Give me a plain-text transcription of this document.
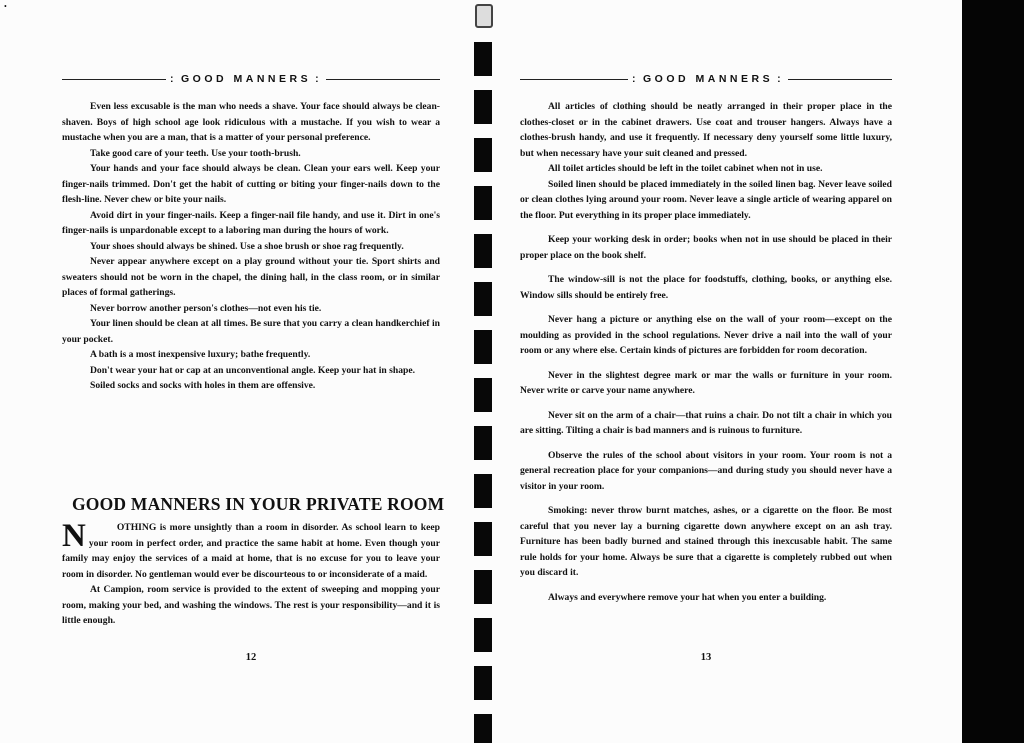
•
: GOOD MANNERS :

Even less excusable is the man who needs a shave. Your face should always be clean-shaven. Boys of high school age look ridiculous with a mustache. If you wish to wear a mustache when you are a man, that is a matter of your personal preference.

Take good care of your teeth. Use your tooth-brush.

Your hands and your face should always be clean. Clean your ears well. Keep your finger-nails trimmed. Don't get the habit of cutting or biting your finger-nails down to the flesh-line. Never chew or bite your nails.

Avoid dirt in your finger-nails. Keep a finger-nail file handy, and use it. Dirt in one's finger-nails is unpardonable except to a laboring man during the hours of work.

Your shoes should always be shined. Use a shoe brush or shoe rag frequently.

Never appear anywhere except on a play ground without your tie. Sport shirts and sweaters should not be worn in the chapel, the dining hall, in the class room, or in similar places of formal gatherings.

Never borrow another person's clothes—not even his tie.

Your linen should be clean at all times. Be sure that you carry a clean handkerchief in your pocket.

A bath is a most inexpensive luxury; bathe frequently.

Don't wear your hat or cap at an unconventional angle. Keep your hat in shape.

Soiled socks and socks with holes in them are offensive.

GOOD MANNERS IN YOUR PRIVATE ROOM

N	OTHING is more unsightly than a room in disorder. As school learn to keep your room in perfect order, and practice the same habit at home. Even though your family may enjoy the services of a maid at home, that is no excuse for you to leave your room in disorder. No gentleman would ever be discourteous to or inconsiderate of a maid.

At Campion, room service is provided to the extent of sweeping and mopping your room, making your bed, and washing the windows. The rest is your responsibility—and it is little enough.

12
: GOOD MANNERS :

All articles of clothing should be neatly arranged in their proper place in the clothes-closet or in the cabinet drawers. Use coat and trouser hangers. Always have a clothes-brush handy, and use it frequently. If necessary deny yourself some little luxury, but when necessary have your suit cleaned and pressed.

All toilet articles should be left in the toilet cabinet when not in use.

Soiled linen should be placed immediately in the soiled linen bag. Never leave soiled or clean clothes lying around your room. Never leave a single article of wearing apparel on the floor. Put everything in its proper place immediately.

Keep your working desk in order; books when not in use should be placed in their proper place on the book shelf.

The window-sill is not the place for foodstuffs, clothing, books, or anything else. Window sills should be entirely free.

Never hang a picture or anything else on the wall of your room—except on the moulding as provided in the school regulations. Never drive a nail into the wall of your room or any where else. Certain kinds of pictures are forbidden for room decoration.

Never in the slightest degree mark or mar the walls or furniture in your room. Never write or carve your name anywhere.

Never sit on the arm of a chair—that ruins a chair. Do not tilt a chair in which you are sitting. Tilting a chair is bad manners and is ruinous to furniture.

Observe the rules of the school about visitors in your room. Your room is not a general recreation place for your companions—and during study you should never have a visitor in your room.

Smoking: never throw burnt matches, ashes, or a cigarette on the floor. Be most careful that you never lay a burning cigarette down anywhere except on an ash tray. Furniture has been badly burned and stained through this inexcusable habit. The same rule holds for your home. Always be sure that a cigarette is completely rubbed out when you discard it.

Always and everywhere remove your hat when you enter a building.

13
